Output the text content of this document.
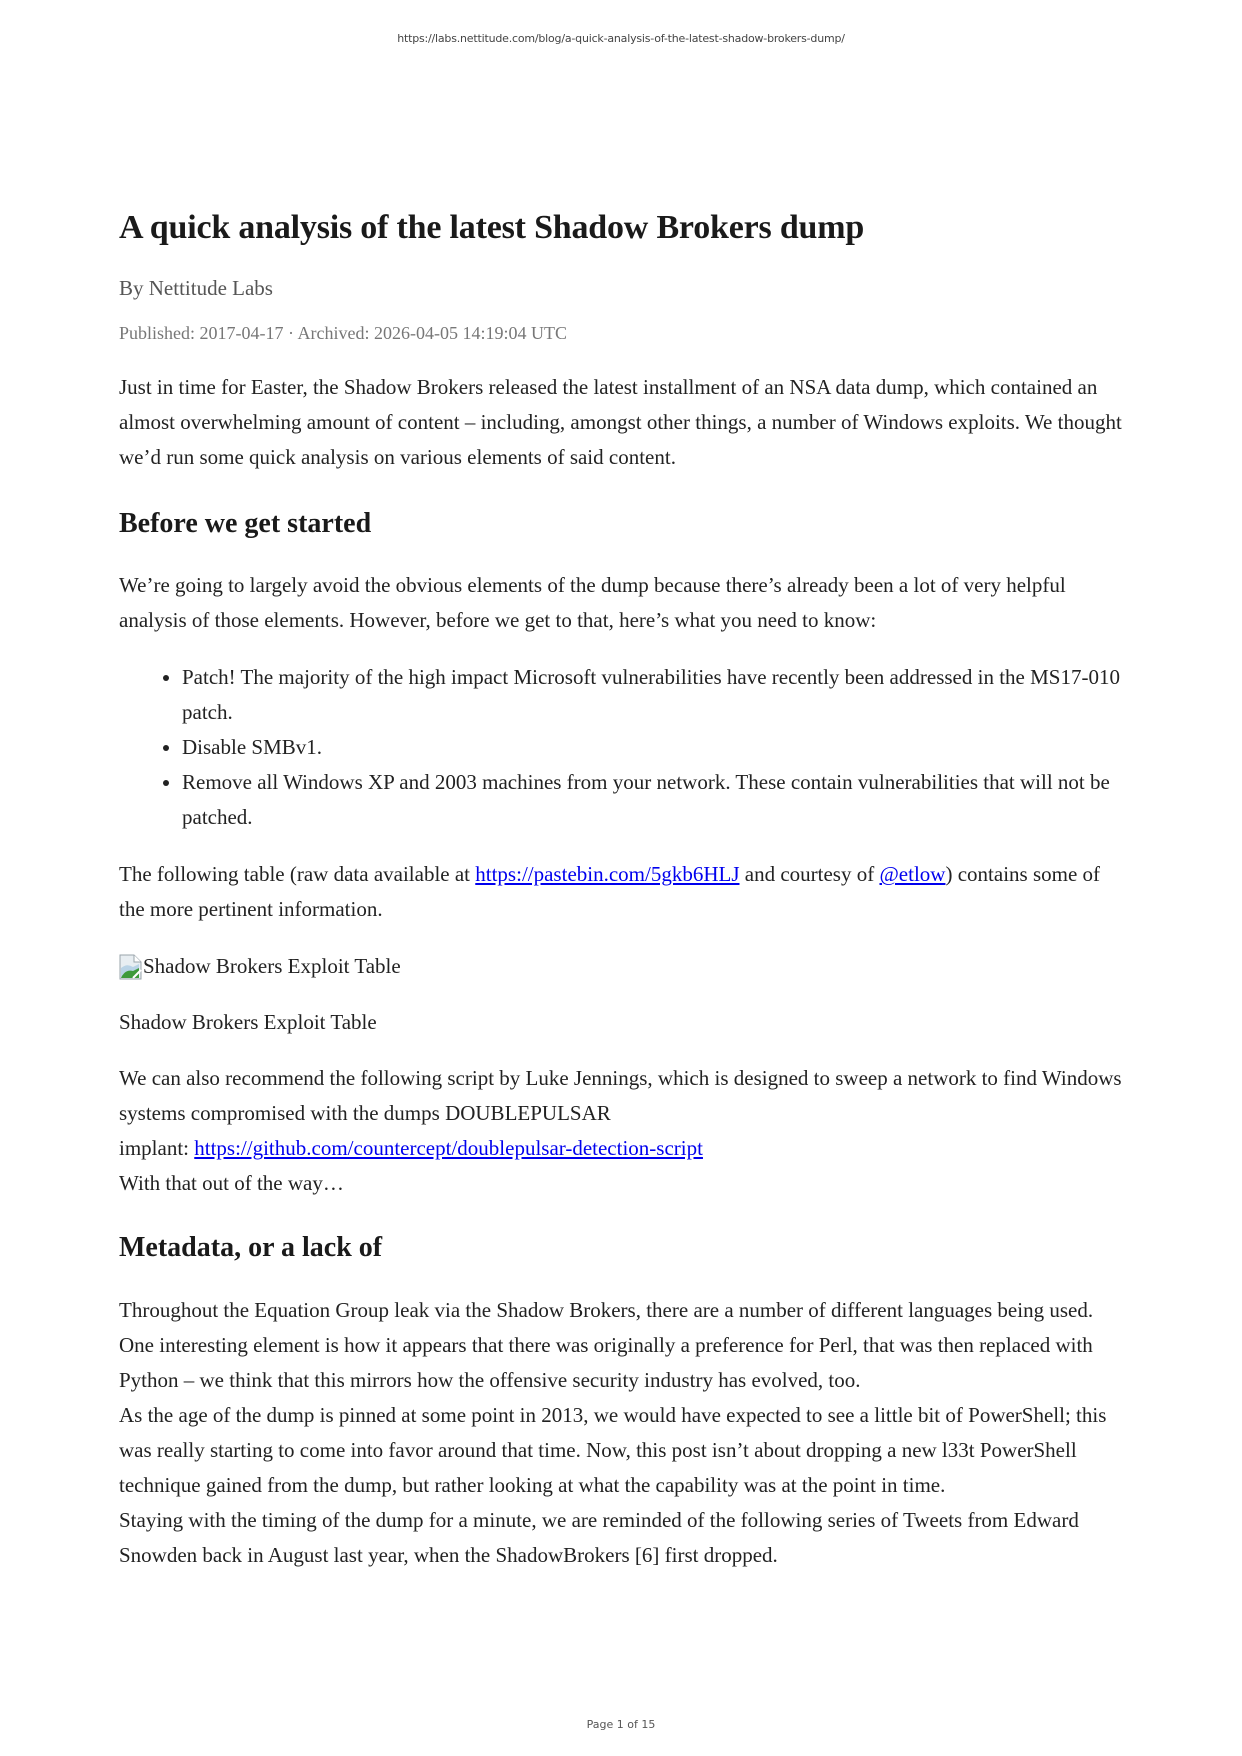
https://labs.nettitude.com/blog/a-quick-analysis-of-the-latest-shadow-brokers-dump/
A quick analysis of the latest Shadow Brokers dump
By Nettitude Labs
Published: 2017-04-17 · Archived: 2026-04-05 14:19:04 UTC

Just in time for Easter, the Shadow Brokers released the latest installment of an NSA data dump, which contained an almost overwhelming amount of content – including, amongst other things, a number of Windows exploits. We thought we’d run some quick analysis on various elements of said content.

Before we get started

We’re going to largely avoid the obvious elements of the dump because there’s already been a lot of very helpful analysis of those elements. However, before we get to that, here’s what you need to know:

• Patch! The majority of the high impact Microsoft vulnerabilities have recently been addressed in the MS17-010 patch.
• Disable SMBv1.
• Remove all Windows XP and 2003 machines from your network. These contain vulnerabilities that will not be patched.

The following table (raw data available at https://pastebin.com/5gkb6HLJ and courtesy of @etlow) contains some of the more pertinent information.

Shadow Brokers Exploit Table

Shadow Brokers Exploit Table

We can also recommend the following script by Luke Jennings, which is designed to sweep a network to find Windows systems compromised with the dumps DOUBLEPULSAR
implant: https://github.com/countercept/doublepulsar-detection-script
With that out of the way…

Metadata, or a lack of

Throughout the Equation Group leak via the Shadow Brokers, there are a number of different languages being used. One interesting element is how it appears that there was originally a preference for Perl, that was then replaced with Python – we think that this mirrors how the offensive security industry has evolved, too.
As the age of the dump is pinned at some point in 2013, we would have expected to see a little bit of PowerShell; this was really starting to come into favor around that time. Now, this post isn’t about dropping a new l33t PowerShell technique gained from the dump, but rather looking at what the capability was at the point in time.
Staying with the timing of the dump for a minute, we are reminded of the following series of Tweets from Edward Snowden back in August last year, when the ShadowBrokers [6] first dropped.

Page 1 of 15
